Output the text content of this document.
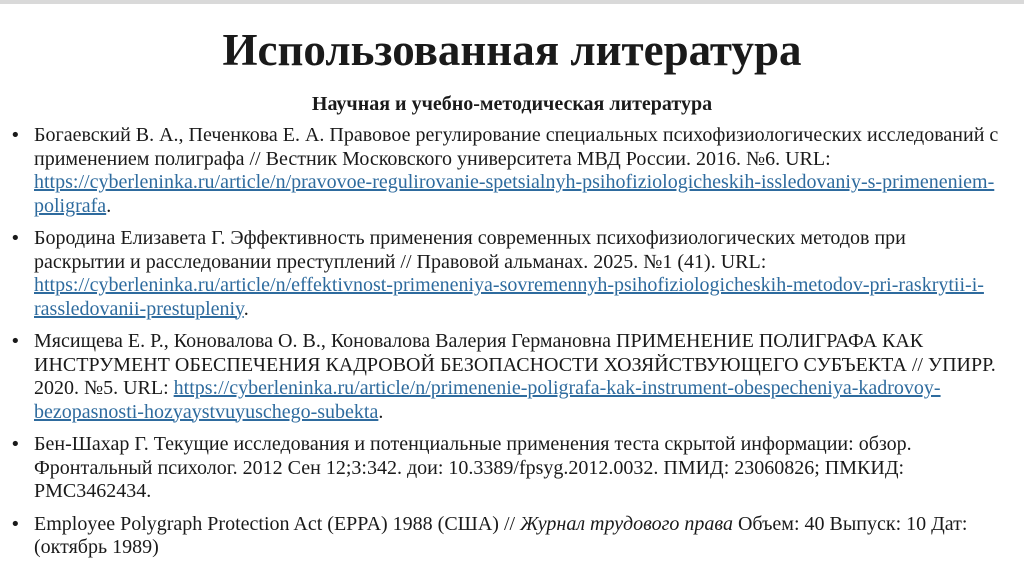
Использованная литература
Научная и учебно-методическая литература
• Богаевский В. А., Печенкова Е. А. Правовое регулирование специальных психофизиологических исследований с применением полиграфа // Вестник Московского университета МВД России. 2016. №6. URL: https://cyberleninka.ru/article/n/pravovoe-regulirovanie-spetsialnyh-psihofiziologicheskih-issledovaniy-s-primeneniem-poligrafa.
• Бородина Елизавета Г. Эффективность применения современных психофизиологических методов при раскрытии и расследовании преступлений // Правовой альманах. 2025. №1 (41). URL: https://cyberleninka.ru/article/n/effektivnost-primeneniya-sovremennyh-psihofiziologicheskih-metodov-pri-raskrytii-i-rassledovanii-prestupleniy.
• Мясищева Е. Р., Коновалова О. В., Коновалова Валерия Германовна ПРИМЕНЕНИЕ ПОЛИГРАФА КАК ИНСТРУМЕНТ ОБЕСПЕЧЕНИЯ КАДРОВОЙ БЕЗОПАСНОСТИ ХОЗЯЙСТВУЮЩЕГО СУБЪЕКТА // УПИРР. 2020. №5. URL: https://cyberleninka.ru/article/n/primenenie-poligrafa-kak-instrument-obespecheniya-kadrovoy-bezopasnosti-hozyaystvuyuschego-subekta.
• Бен-Шахар Г. Текущие исследования и потенциальные применения теста скрытой информации: обзор. Фронтальный психолог. 2012 Сен 12;3:342. дои: 10.3389/fpsyg.2012.0032. ПМИД: 23060826; ПМКИД: PMC3462434.
• Employee Polygraph Protection Act (EPPA) 1988 (США) // Журнал трудового права Объем: 40 Выпуск: 10 Дат: (октябрь 1989)
